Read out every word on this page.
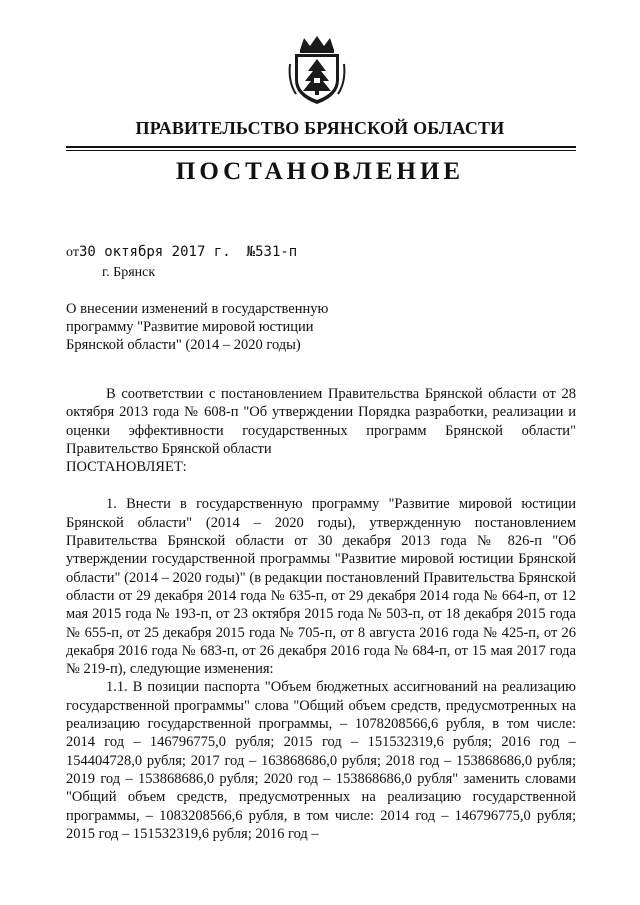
ПРАВИТЕЛЬСТВО БРЯНСКОЙ ОБЛАСТИ
ПОСТАНОВЛЕНИЕ
от30 октября 2017 г. №531-п
г. Брянск
О внесении изменений в государственную
программу "Развитие мировой юстиции
Брянской области" (2014 – 2020 годы)

В соответствии с постановлением Правительства Брянской области от 28 октября 2013 года № 608-п "Об утверждении Порядка разработки, реализации и оценки эффективности государственных программ Брянской области" Правительство Брянской области

ПОСТАНОВЛЯЕТ:

1. Внести в государственную программу "Развитие мировой юстиции Брянской области" (2014 – 2020 годы), утвержденную постановлением Правительства Брянской области от 30 декабря 2013 года № 826-п "Об утверждении государственной программы "Развитие мировой юстиции Брянской области" (2014 – 2020 годы)" (в редакции постановлений Правительства Брянской области от 29 декабря 2014 года № 635-п, от 29 декабря 2014 года № 664-п, от 12 мая 2015 года № 193-п, от 23 октября 2015 года № 503-п, от 18 декабря 2015 года № 655-п, от 25 декабря 2015 года № 705-п, от 8 августа 2016 года № 425-п, от 26 декабря 2016 года № 683-п, от 26 декабря 2016 года № 684-п, от 15 мая 2017 года № 219-п), следующие изменения:

1.1. В позиции паспорта "Объем бюджетных ассигнований на реализацию государственной программы" слова "Общий объем средств, предусмотренных на реализацию государственной программы, – 1078208566,6 рубля, в том числе: 2014 год – 146796775,0 рубля; 2015 год – 151532319,6 рубля; 2016 год – 154404728,0 рубля; 2017 год – 163868686,0 рубля; 2018 год – 153868686,0 рубля; 2019 год – 153868686,0 рубля; 2020 год – 153868686,0 рубля" заменить словами "Общий объем средств, предусмотренных на реализацию государственной программы, – 1083208566,6 рубля, в том числе: 2014 год – 146796775,0 рубля; 2015 год – 151532319,6 рубля; 2016 год –
